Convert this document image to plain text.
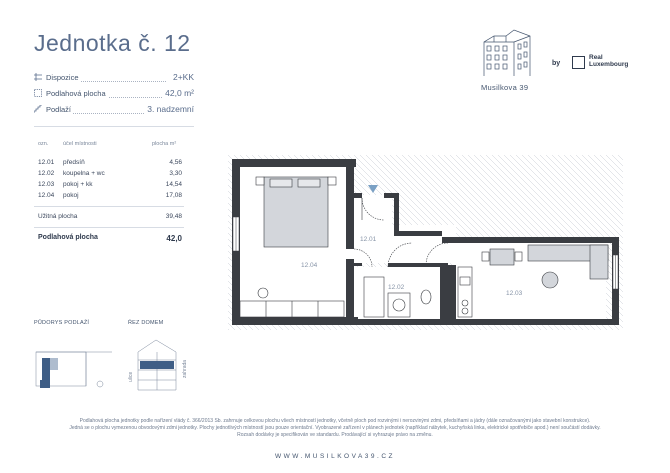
Jednotka č. 12
Dispozice	2+KK
Podlahová plocha	42,0 m²
Podlaží	3. nadzemní
ozn.	účel místnosti	plocha m²
12.01 předsíň	4,56
12.02 koupelna + wc	3,30
12.03 pokoj + kk	14,54
12.04 pokoj	17,08
Užitná plocha	39,48
Podlahová plocha	42,0
Musilkova 39
by
Real
Luxembourg
12.01
12.02
12.03
12.04
PŮDORYS PODLAŽÍ	ŘEZ DOMEM
ulice	zahrada
Podlahová plocha jednotky podle nařízení vlády č. 366/2013 Sb. zahrnuje celkovou plochu všech místností jednotky, včetně ploch pod rozvinými i nerozvinými zdmi, předsíňami a jádry (dále označovanými jako stavební konstrukce).
Jedná se o plochu vymezenou obvodovými zdmi jednotky. Plochy jednotlivých místností jsou pouze orientační. Vyobrazené zařízení v plánech jednotek (například nábytek, kuchyňská linka, elektrické spotřebiče apod.) není součástí dodávky.
Rozsah dodávky je specifikován ve standardu. Prodávající si vyhrazuje právo na změnu.
WWW.MUSILKOVA39.CZ
